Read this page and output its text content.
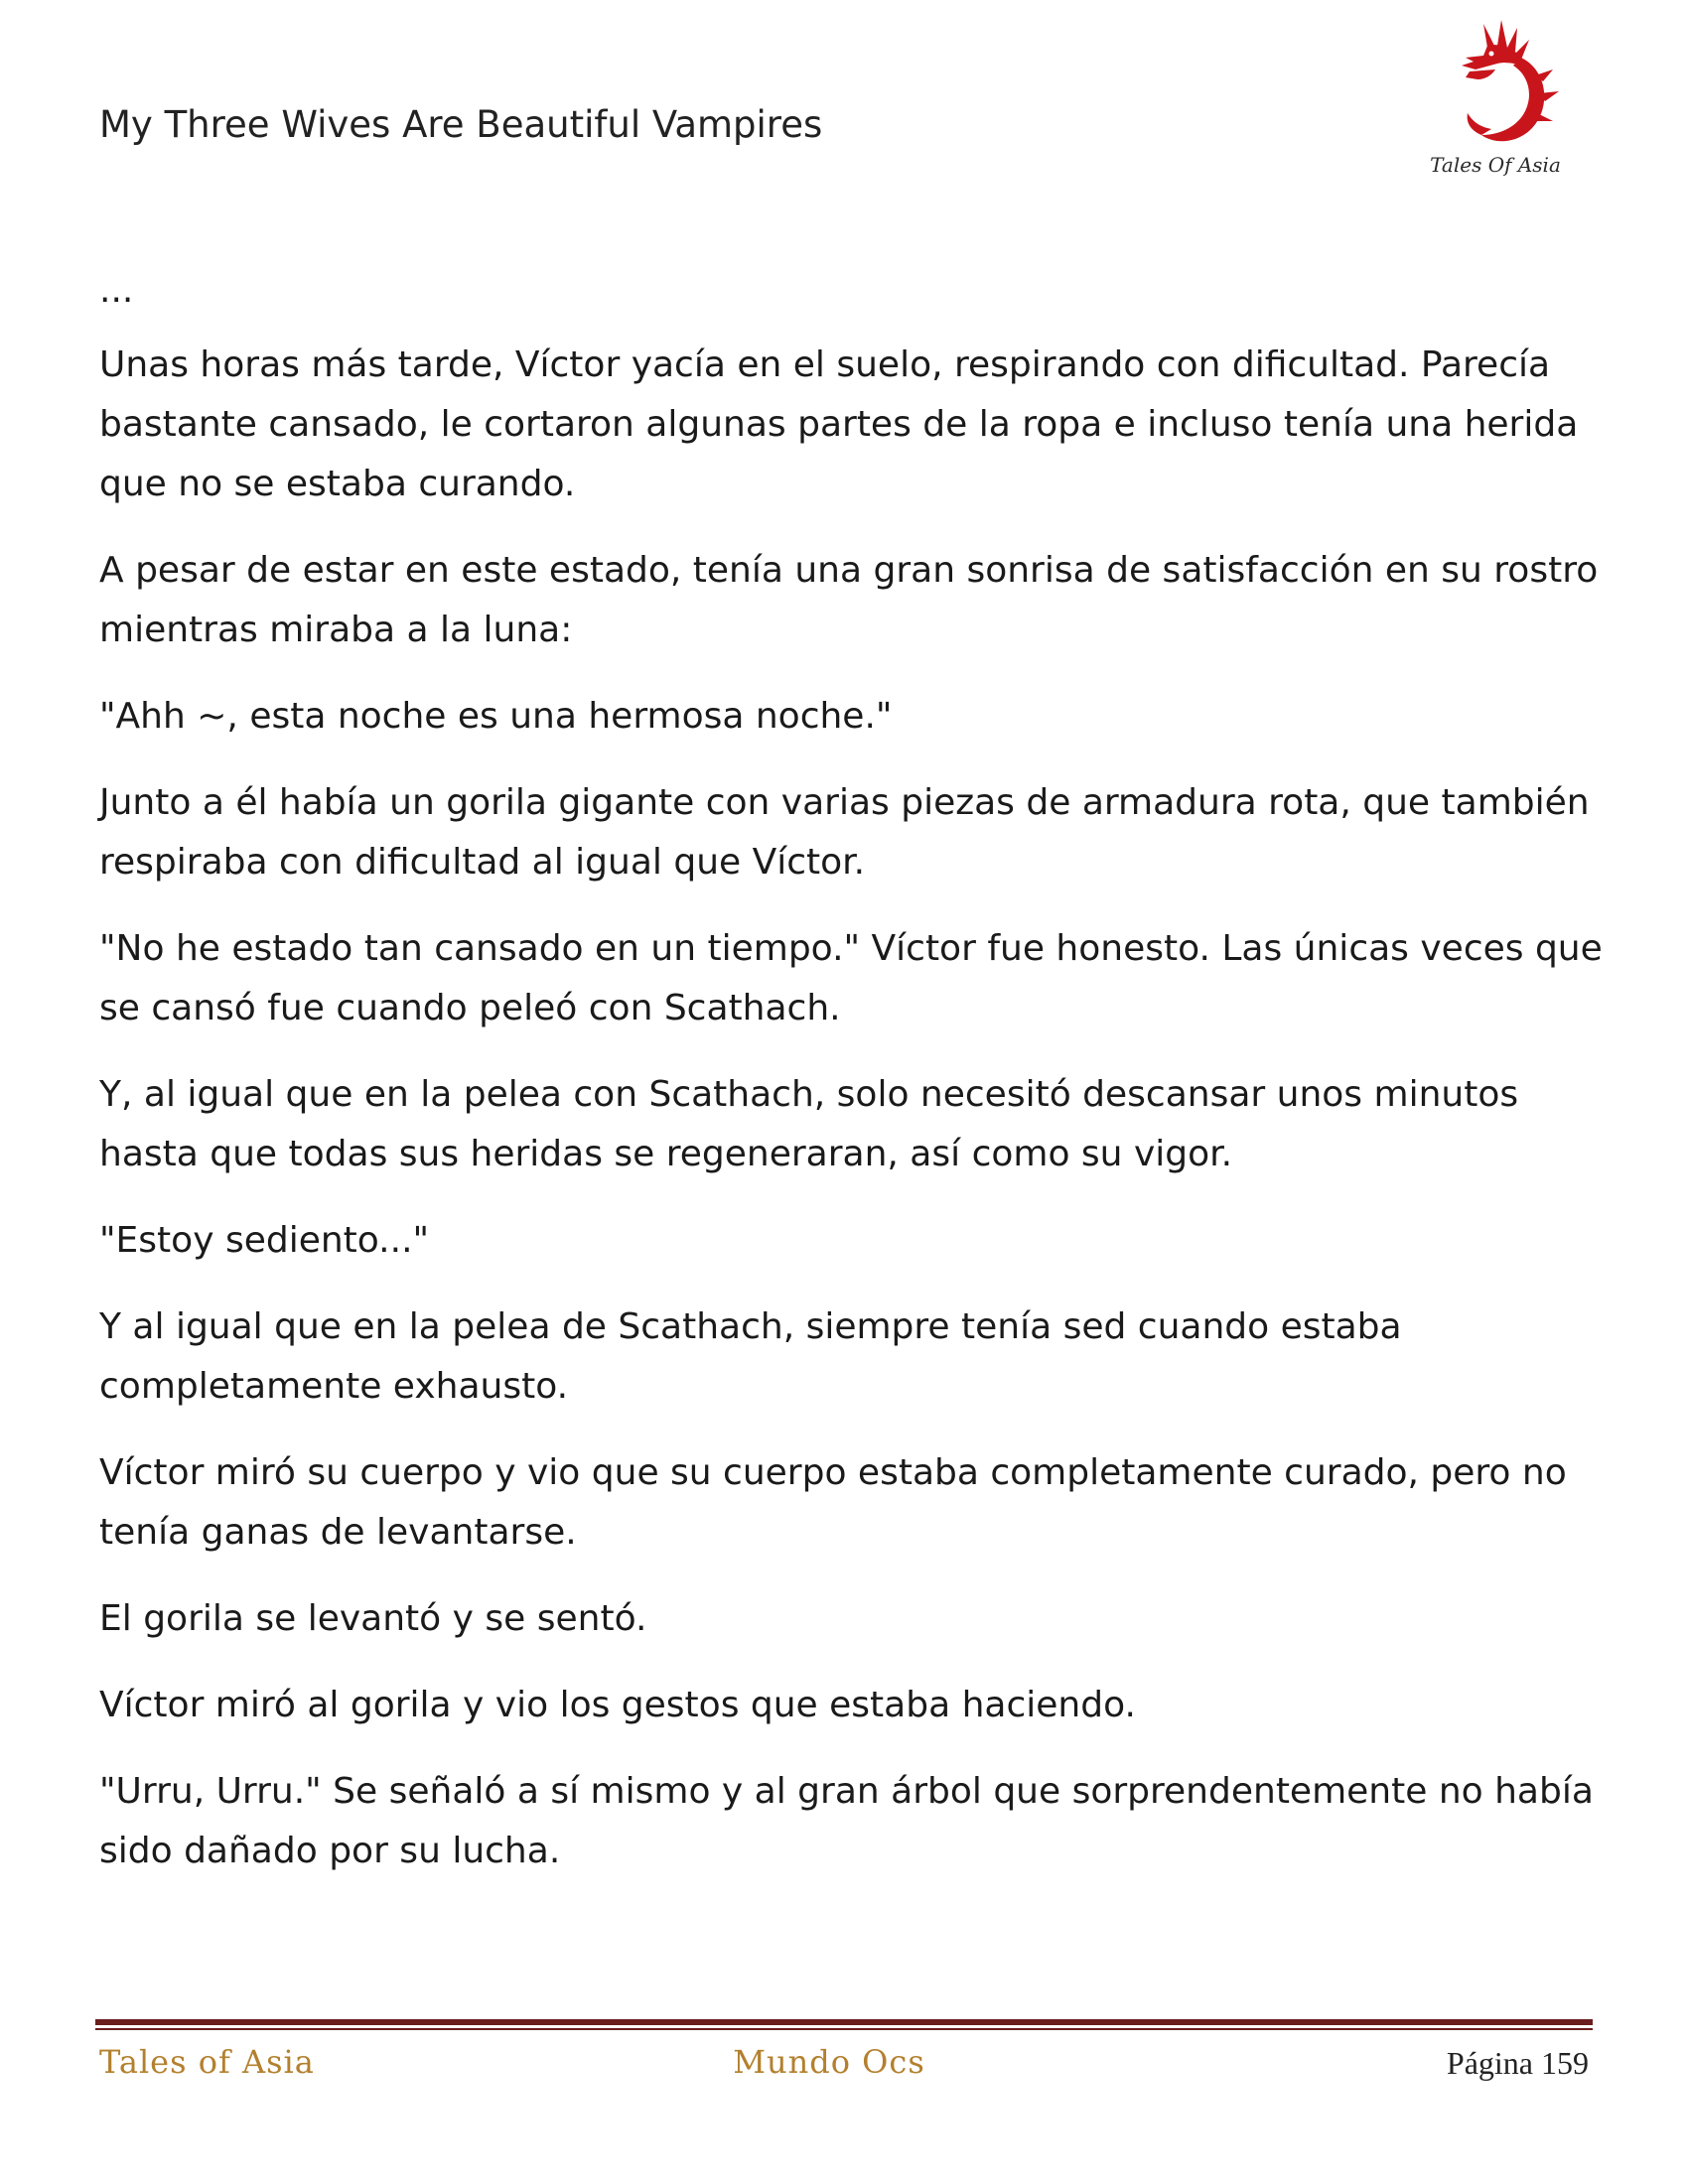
My Three Wives Are Beautiful Vampires
Tales Of Asia

...

Unas horas más tarde, Víctor yacía en el suelo, respirando con dificultad. Parecía bastante cansado, le cortaron algunas partes de la ropa e incluso tenía una herida que no se estaba curando.

A pesar de estar en este estado, tenía una gran sonrisa de satisfacción en su rostro mientras miraba a la luna:

"Ahh ~, esta noche es una hermosa noche."

Junto a él había un gorila gigante con varias piezas de armadura rota, que también respiraba con dificultad al igual que Víctor.

"No he estado tan cansado en un tiempo." Víctor fue honesto. Las únicas veces que se cansó fue cuando peleó con Scathach.

Y, al igual que en la pelea con Scathach, solo necesitó descansar unos minutos hasta que todas sus heridas se regeneraran, así como su vigor.

"Estoy sediento..."

Y al igual que en la pelea de Scathach, siempre tenía sed cuando estaba completamente exhausto.

Víctor miró su cuerpo y vio que su cuerpo estaba completamente curado, pero no tenía ganas de levantarse.

El gorila se levantó y se sentó.

Víctor miró al gorila y vio los gestos que estaba haciendo.

"Urru, Urru." Se señaló a sí mismo y al gran árbol que sorprendentemente no había sido dañado por su lucha.

Tales of Asia	Mundo Ocs	Página 159
